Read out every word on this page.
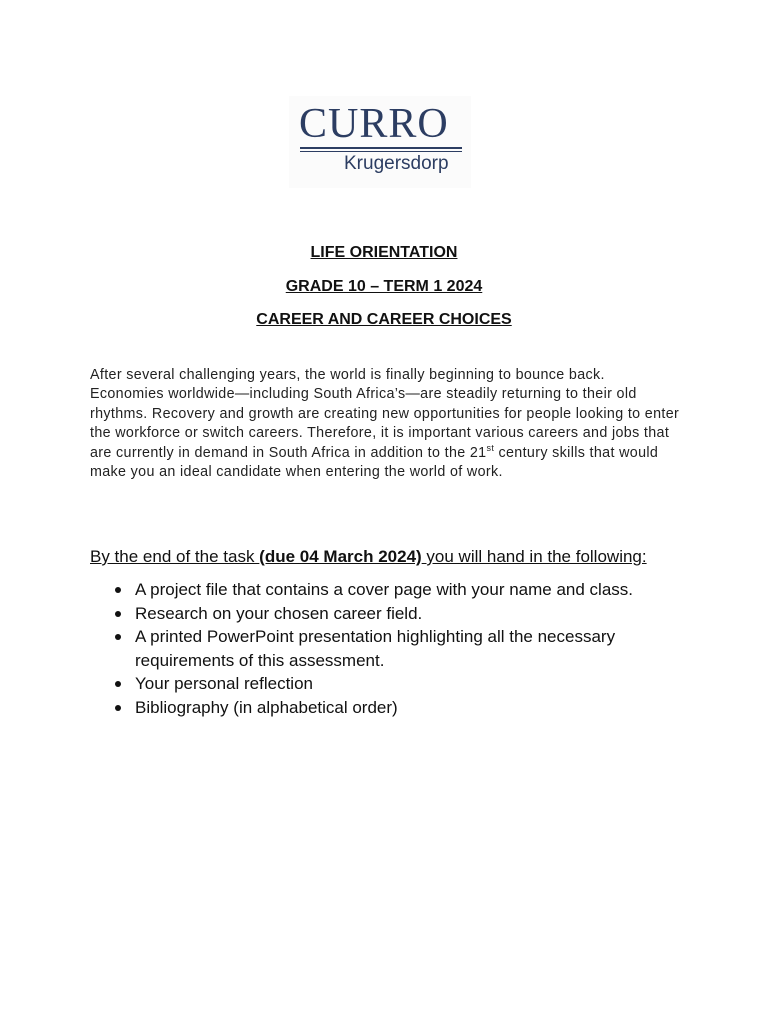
CURRO
Krugersdorp
LIFE ORIENTATION
GRADE 10 – TERM 1 2024
CAREER AND CAREER CHOICES

After several challenging years, the world is finally beginning to bounce back. Economies worldwide—including South Africa’s—are steadily returning to their old rhythms. Recovery and growth are creating new opportunities for people looking to enter the workforce or switch careers. Therefore, it is important various careers and jobs that are currently in demand in South Africa in addition to the 21st century skills that would make you an ideal candidate when entering the world of work.

By the end of the task (due 04 March 2024) you will hand in the following:
A project file that contains a cover page with your name and class.
Research on your chosen career field.
A printed PowerPoint presentation highlighting all the necessary requirements of this assessment.
Your personal reflection
Bibliography (in alphabetical order)
